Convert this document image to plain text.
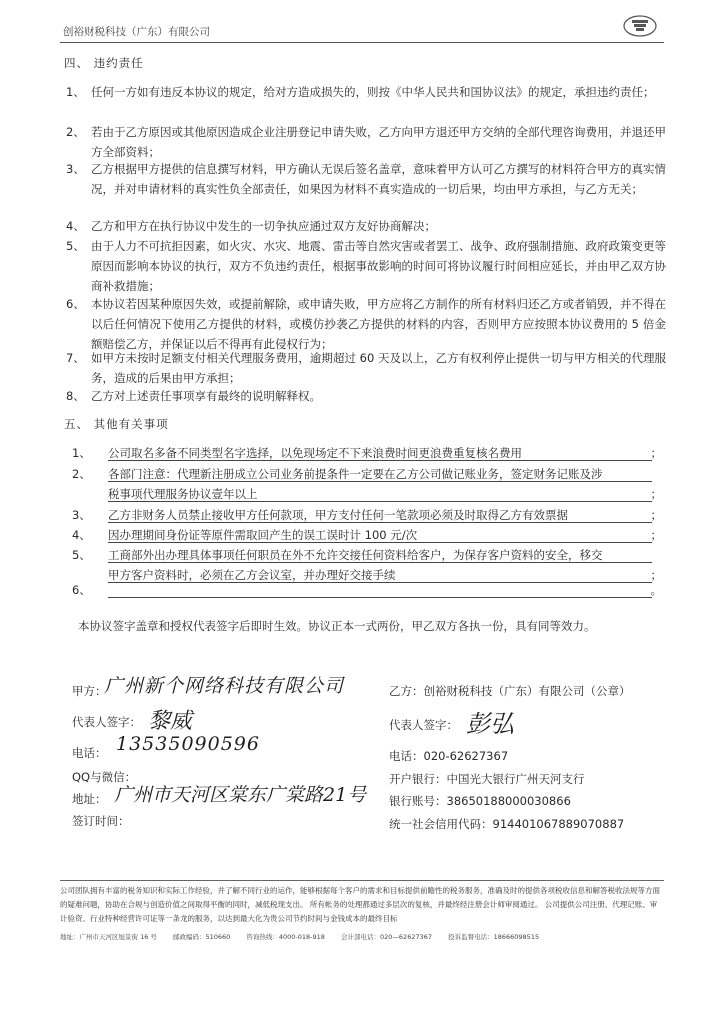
创裕财税科技（广东）有限公司
四、 违约责任
1、 任何一方如有违反本协议的规定，给对方造成损失的，则按《中华人民共和国协议法》的规定，承担违约责任；
2、 若由于乙方原因或其他原因造成企业注册登记申请失败，乙方向甲方退还甲方交纳的全部代理咨询费用，并退还甲方全部资料；
3、 乙方根据甲方提供的信息撰写材料，甲方确认无误后签名盖章，意味着甲方认可乙方撰写的材料符合甲方的真实情况，并对申请材料的真实性负全部责任，如果因为材料不真实造成的一切后果，均由甲方承担，与乙方无关；
4、 乙方和甲方在执行协议中发生的一切争执应通过双方友好协商解决；
5、 由于人力不可抗拒因素，如火灾、水灾、地震、雷击等自然灾害或者罢工、战争、政府强制措施、政府政策变更等原因而影响本协议的执行，双方不负违约责任，根据事故影响的时间可将协议履行时间相应延长，并由甲乙双方协商补救措施；
6、 本协议若因某种原因失效，或提前解除，或申请失败，甲方应将乙方制作的所有材料归还乙方或者销毁，并不得在以后任何情况下使用乙方提供的材料，或模仿抄袭乙方提供的材料的内容，否则甲方应按照本协议费用的 5 倍金额赔偿乙方，并保证以后不得再有此侵权行为；
7、 如甲方未按时足额支付相关代理服务费用，逾期超过 60 天及以上，乙方有权利停止提供一切与甲方相关的代理服务，造成的后果由甲方承担；
8、 乙方对上述责任事项享有最终的说明解释权。
五、 其他有关事项
1、 公司取名多备不同类型名字选择，以免现场定不下来浪费时间更浪费重复核名费用	；
2、 各部门注意：代理新注册成立公司业务前提条件一定要在乙方公司做记账业务，签定财务记账及涉
税事项代理服务协议壹年以上	；
3、 乙方非财务人员禁止接收甲方任何款项，甲方支付任何一笔款项必须及时取得乙方有效票据	；
4、 因办理期间身份证等原件需取回产生的误工误时计 100 元/次	；
5、 工商部外出办理具体事项任何职员在外不允许交接任何资料给客户，为保存客户资料的安全，移交
甲方客户资料时，必须在乙方会议室，并办理好交接手续	；
6、	。
本协议签字盖章和授权代表签字后即时生效。协议正本一式两份，甲乙双方各执一份，具有同等效力。
甲方：
广州新个网络科技有限公司
代表人签字： 黎威
电话： 13535090596
QQ与微信：
地址： 广州市天河区棠东广棠路21号
签订时间：
乙方：创裕财税科技（广东）有限公司（公章）
代表人签字： 彭弘
电话：020-62627367
开户银行：中国光大银行广州天河支行
银行账号：38650188000030866
统一社会信用代码：914401067889070887
公司团队拥有丰富的税务知识和实际工作经验，并了解不同行业的运作，能够根据每个客户的需求和目标提供前瞻性的税务服务，准确及时的提供各项税收信息和解答税收法规等方面的疑难问题，协助在合规与创造价值之间取得平衡的同时，减低税现支出。 所有帐务的处理都通过多层次的复核，并最终经注册会计师审阅通过。 公司提供公司注册、代理记账、审计验资、行业特种经营许可证等一条龙的服务，以达到最大化为贵公司节约时间与金钱成本的最终目标
地址：广州市天河区旭景街 16 号 邮政编码：510660 咨询热线：4000-018-918 会计部电话：020—62627367 投诉监督电话：18666098515
